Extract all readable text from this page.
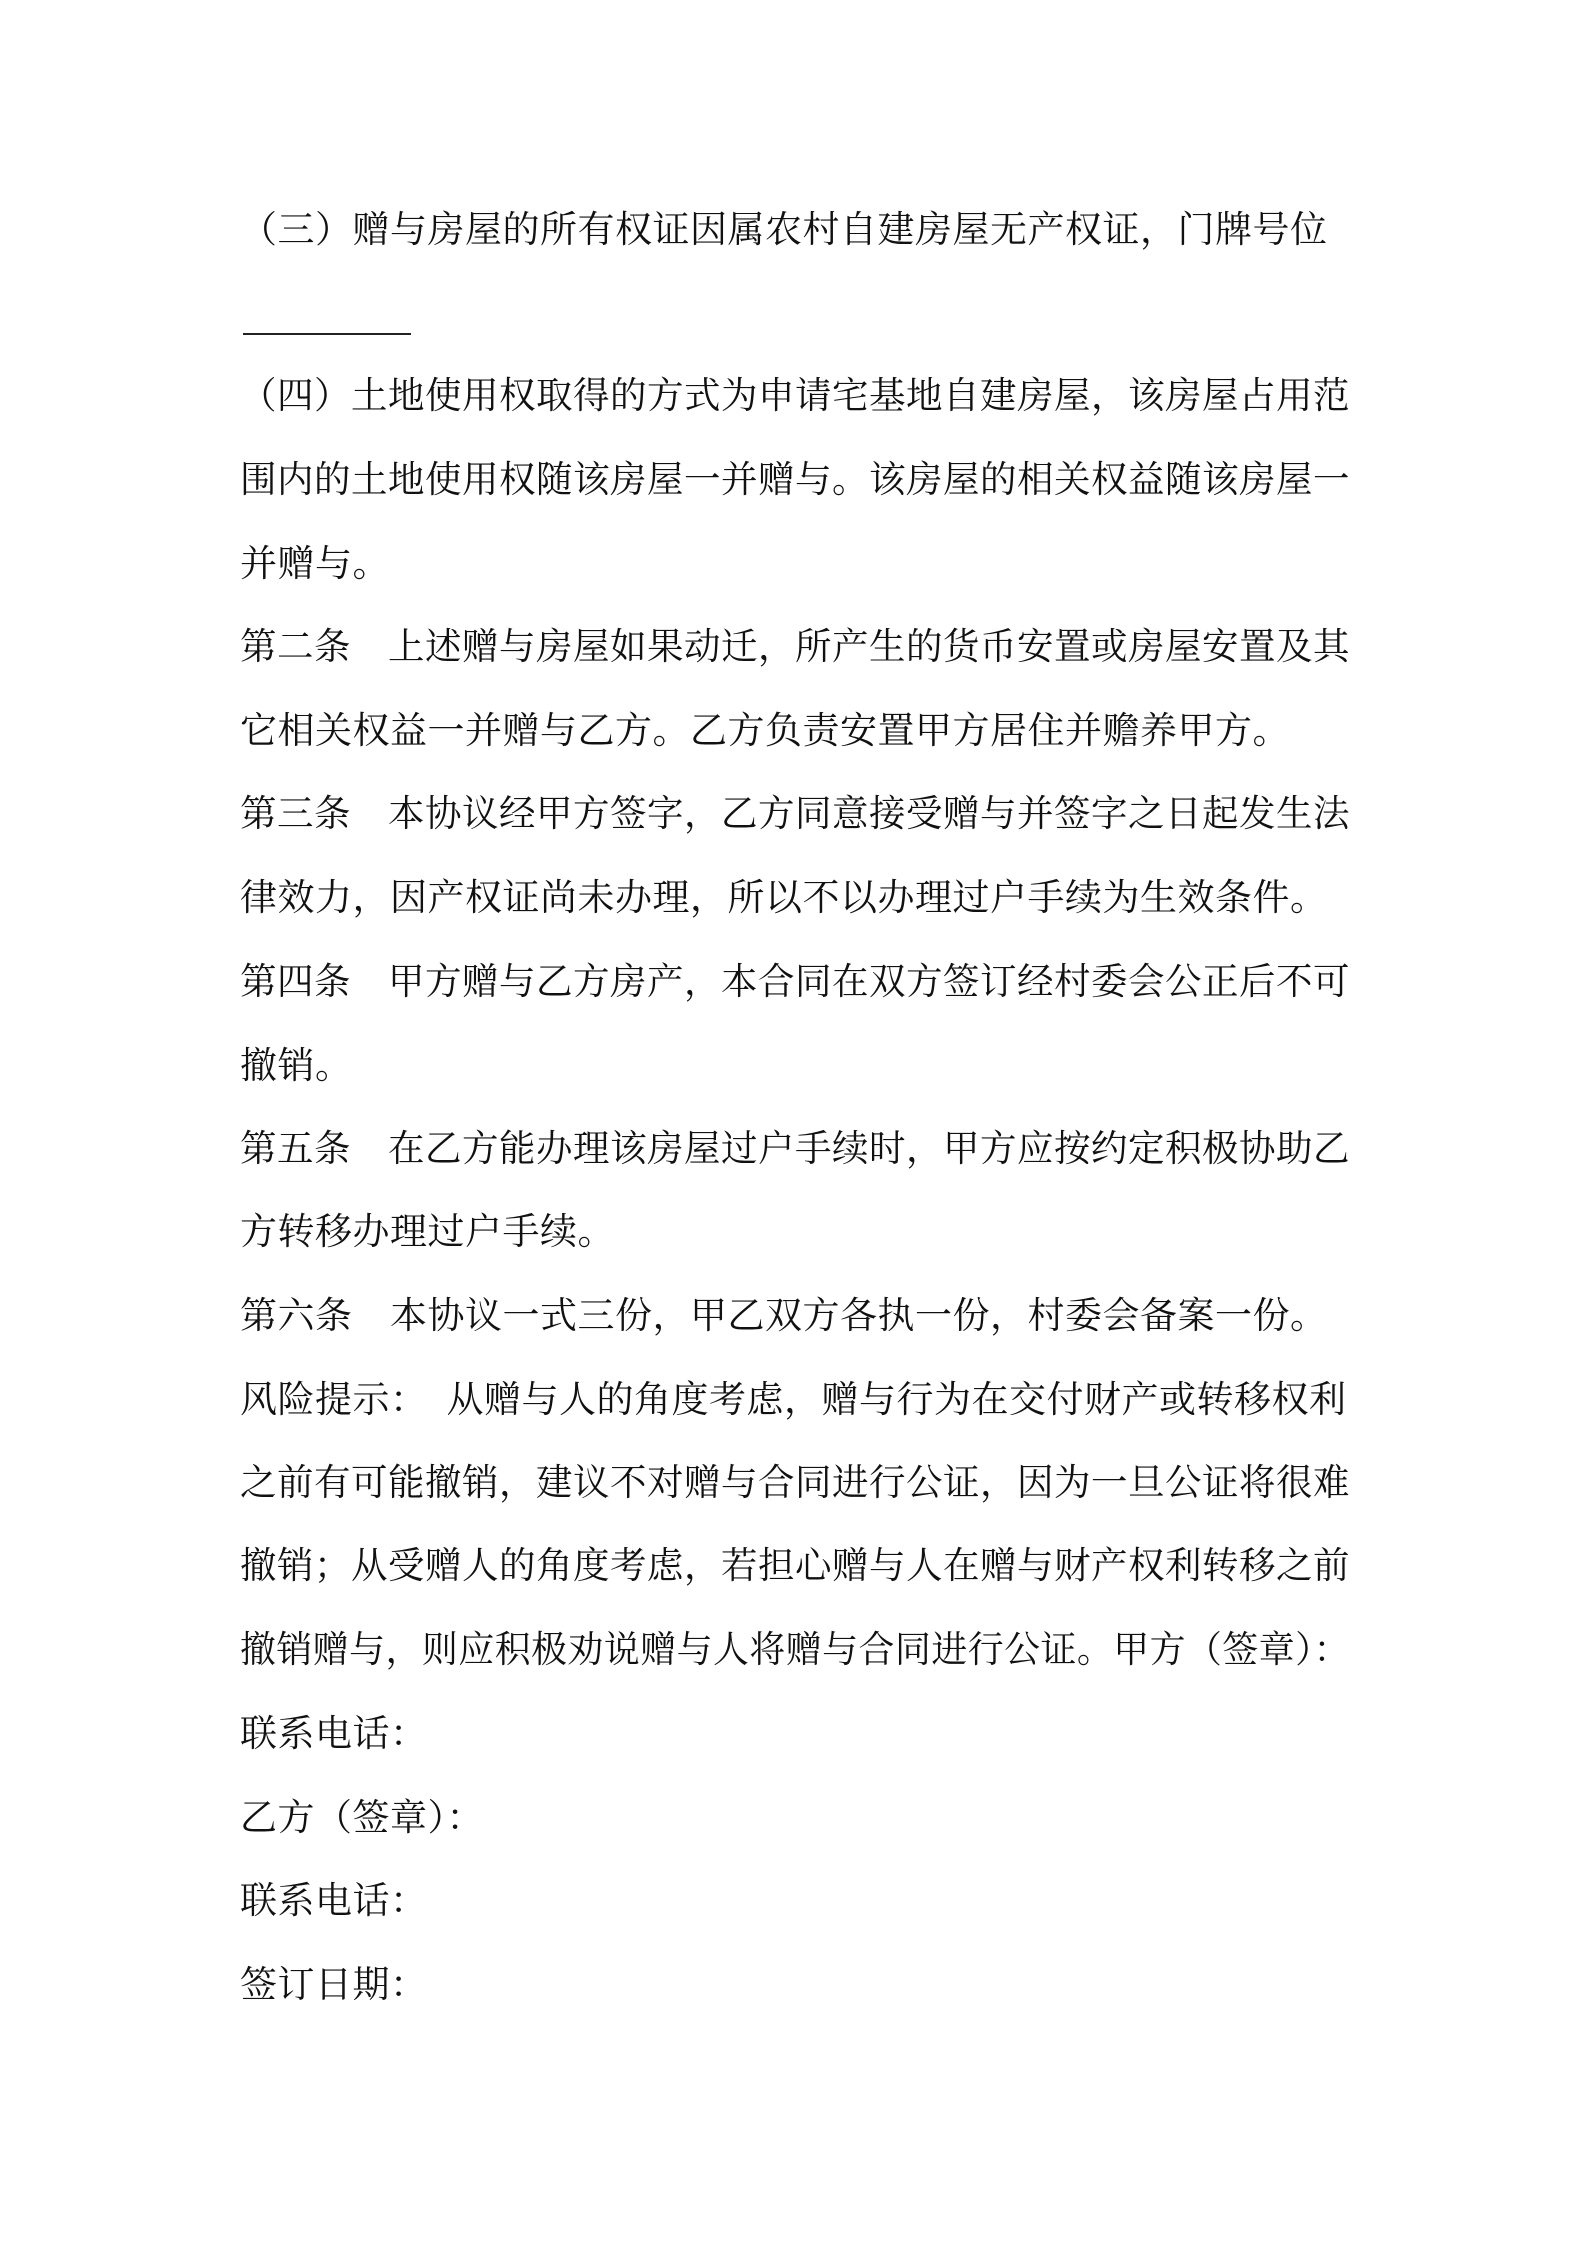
（三）赠与房屋的所有权证因属农村自建房屋无产权证，门牌号位
（四）土地使用权取得的方式为申请宅基地自建房屋，该房屋占用范
围内的土地使用权随该房屋一并赠与。该房屋的相关权益随该房屋一
并赠与。
第二条　上述赠与房屋如果动迁，所产生的货币安置或房屋安置及其
它相关权益一并赠与乙方。乙方负责安置甲方居住并赡养甲方。
第三条　本协议经甲方签字，乙方同意接受赠与并签字之日起发生法
律效力，因产权证尚未办理，所以不以办理过户手续为生效条件。
第四条　甲方赠与乙方房产，本合同在双方签订经村委会公正后不可
撤销。
第五条　在乙方能办理该房屋过户手续时，甲方应按约定积极协助乙
方转移办理过户手续。
第六条　本协议一式三份，甲乙双方各执一份，村委会备案一份。
风险提示：　从赠与人的角度考虑，赠与行为在交付财产或转移权利
之前有可能撤销，建议不对赠与合同进行公证，因为一旦公证将很难
撤销；从受赠人的角度考虑，若担心赠与人在赠与财产权利转移之前
撤销赠与，则应积极劝说赠与人将赠与合同进行公证。甲方（签章）：
联系电话：
乙方（签章）：
联系电话：
签订日期：
